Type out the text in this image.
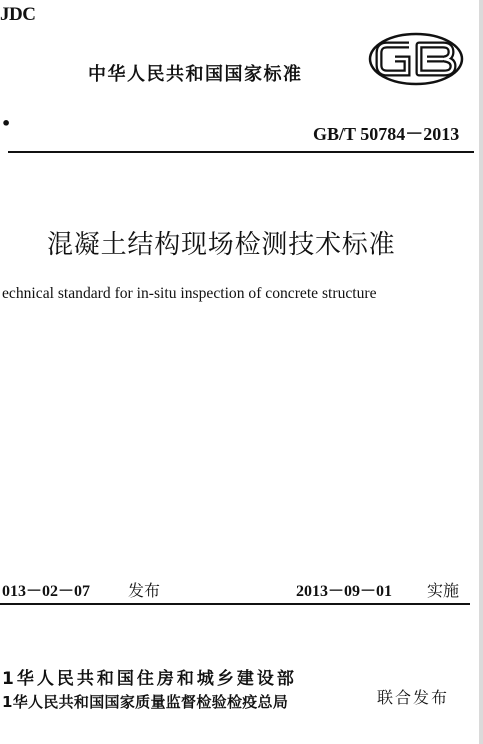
JDC
中华人民共和国国家标准
•
GB/T 50784－2013
混凝土结构现场检测技术标准
echnical standard for in-situ inspection of concrete structure
013－02－07 发布	2013－09－01 实施
1华人民共和国住房和城乡建设部
1华人民共和国国家质量监督检验检疫总局	联合发布
